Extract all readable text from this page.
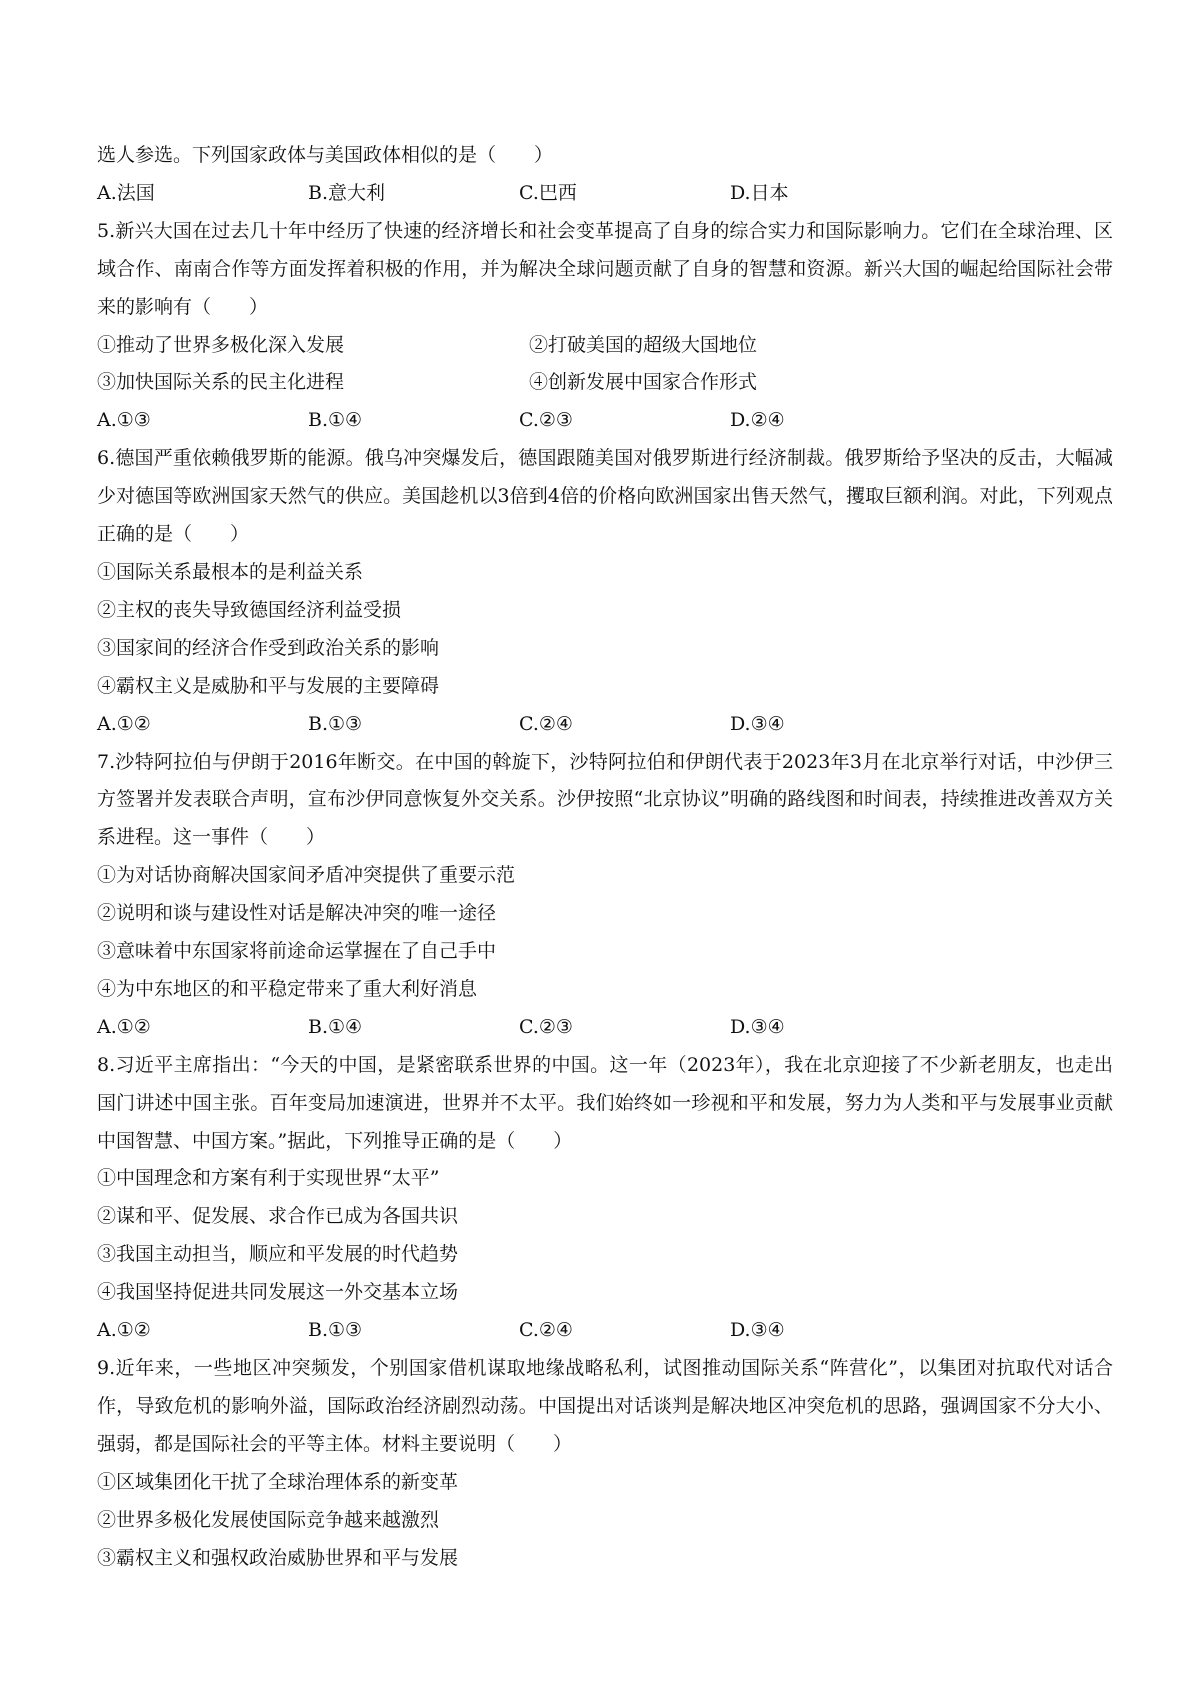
选人参选。下列国家政体与美国政体相似的是（　　）

A.法国	B.意大利	C.巴西	D.日本

5.新兴大国在过去几十年中经历了快速的经济增长和社会变革提高了自身的综合实力和国际影响力。它们在全球治理、区域合作、南南合作等方面发挥着积极的作用，并为解决全球问题贡献了自身的智慧和资源。新兴大国的崛起给国际社会带来的影响有（　　）

①推动了世界多极化深入发展	②打破美国的超级大国地位
③加快国际关系的民主化进程	④创新发展中国家合作形式
A.①③	B.①④	C.②③	D.②④

6.德国严重依赖俄罗斯的能源。俄乌冲突爆发后，德国跟随美国对俄罗斯进行经济制裁。俄罗斯给予坚决的反击，大幅减少对德国等欧洲国家天然气的供应。美国趁机以3倍到4倍的价格向欧洲国家出售天然气，攫取巨额利润。对此，下列观点正确的是（　　）

①国际关系最根本的是利益关系

②主权的丧失导致德国经济利益受损

③国家间的经济合作受到政治关系的影响

④霸权主义是威胁和平与发展的主要障碍

A.①②	B.①③	C.②④	D.③④

7.沙特阿拉伯与伊朗于2016年断交。在中国的斡旋下，沙特阿拉伯和伊朗代表于2023年3月在北京举行对话，中沙伊三方签署并发表联合声明，宣布沙伊同意恢复外交关系。沙伊按照“北京协议”明确的路线图和时间表，持续推进改善双方关系进程。这一事件（　　）

①为对话协商解决国家间矛盾冲突提供了重要示范

②说明和谈与建设性对话是解决冲突的唯一途径

③意味着中东国家将前途命运掌握在了自己手中

④为中东地区的和平稳定带来了重大利好消息

A.①②	B.①④	C.②③	D.③④

8.习近平主席指出：“今天的中国，是紧密联系世界的中国。这一年（2023年），我在北京迎接了不少新老朋友，也走出国门讲述中国主张。百年变局加速演进，世界并不太平。我们始终如一珍视和平和发展，努力为人类和平与发展事业贡献中国智慧、中国方案。”据此，下列推导正确的是（　　）

①中国理念和方案有利于实现世界“太平”

②谋和平、促发展、求合作已成为各国共识

③我国主动担当，顺应和平发展的时代趋势

④我国坚持促进共同发展这一外交基本立场

A.①②	B.①③	C.②④	D.③④

9.近年来，一些地区冲突频发，个别国家借机谋取地缘战略私利，试图推动国际关系“阵营化”，以集团对抗取代对话合作，导致危机的影响外溢，国际政治经济剧烈动荡。中国提出对话谈判是解决地区冲突危机的思路，强调国家不分大小、强弱，都是国际社会的平等主体。材料主要说明（　　）

①区域集团化干扰了全球治理体系的新变革

②世界多极化发展使国际竞争越来越激烈

③霸权主义和强权政治威胁世界和平与发展
